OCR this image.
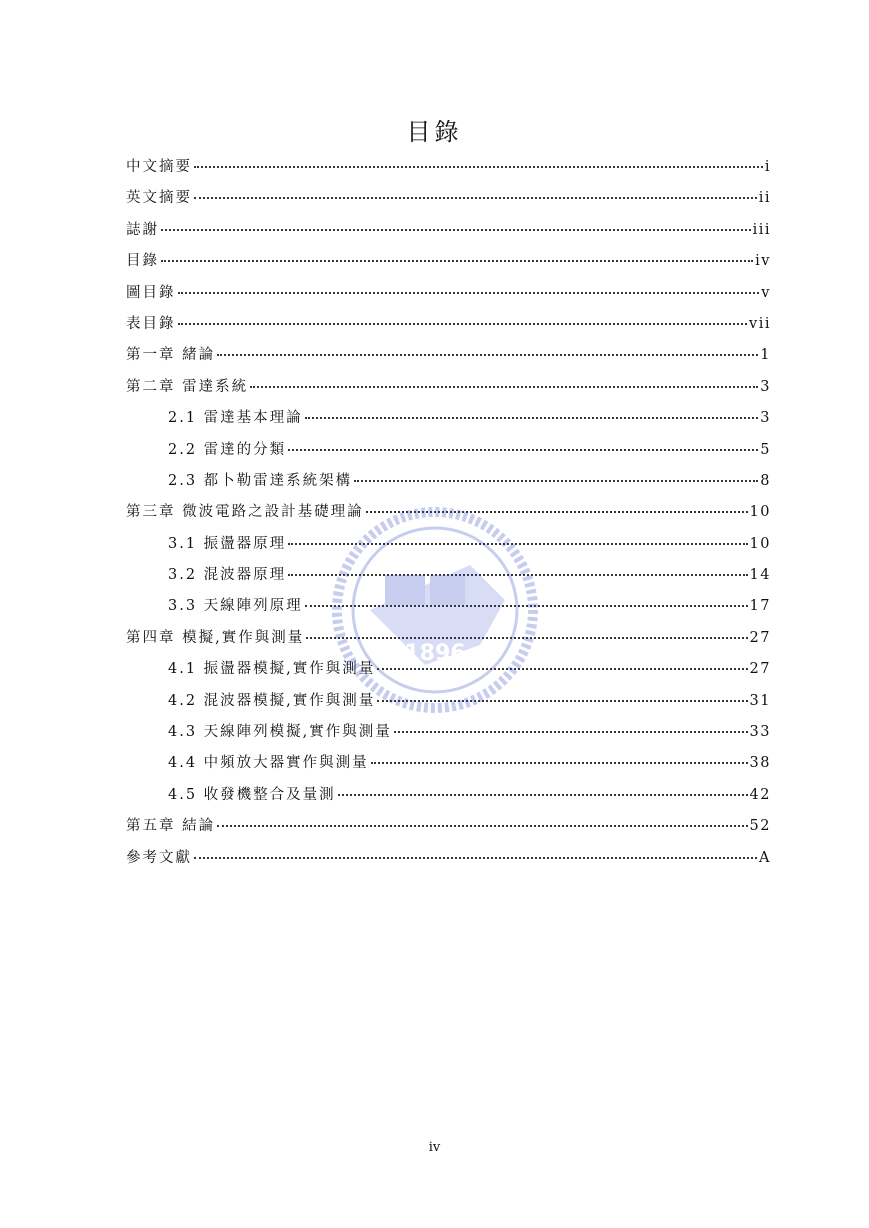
目錄
中文摘要	i
英文摘要	ii
誌謝	iii
目錄	iv
圖目錄	v
表目錄	vii
第一章 緒論	1
第二章 雷達系統	3
2.1 雷達基本理論	3
2.2 雷達的分類	5
2.3 都卜勒雷達系統架構	8
第三章 微波電路之設計基礎理論	10
3.1 振盪器原理	10
3.2 混波器原理	14
3.3 天線陣列原理	17
第四章 模擬,實作與測量	27
4.1 振盪器模擬,實作與測量	27
4.2 混波器模擬,實作與測量	31
4.3 天線陣列模擬,實作與測量	33
4.4 中頻放大器實作與測量	38
4.5 收發機整合及量測	42
第五章 結論	52
參考文獻	A
1896
iv
